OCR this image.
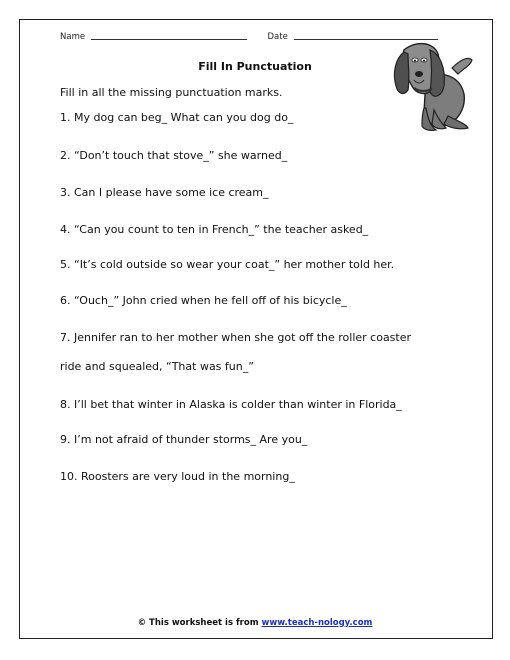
Name	Date
Fill In Punctuation
Fill in all the missing punctuation marks.
1. My dog can beg_ What can you dog do_
2. “Don’t touch that stove_” she warned_
3. Can I please have some ice cream_
4. “Can you count to ten in French_” the teacher asked_
5. “It’s cold outside so wear your coat_” her mother told her.
6. “Ouch_” John cried when he fell off of his bicycle_
7. Jennifer ran to her mother when she got off the roller coaster
ride and squealed, “That was fun_”
8. I’ll bet that winter in Alaska is colder than winter in Florida_
9. I’m not afraid of thunder storms_ Are you_
10. Roosters are very loud in the morning_
© This worksheet is from www.teach-nology.com
